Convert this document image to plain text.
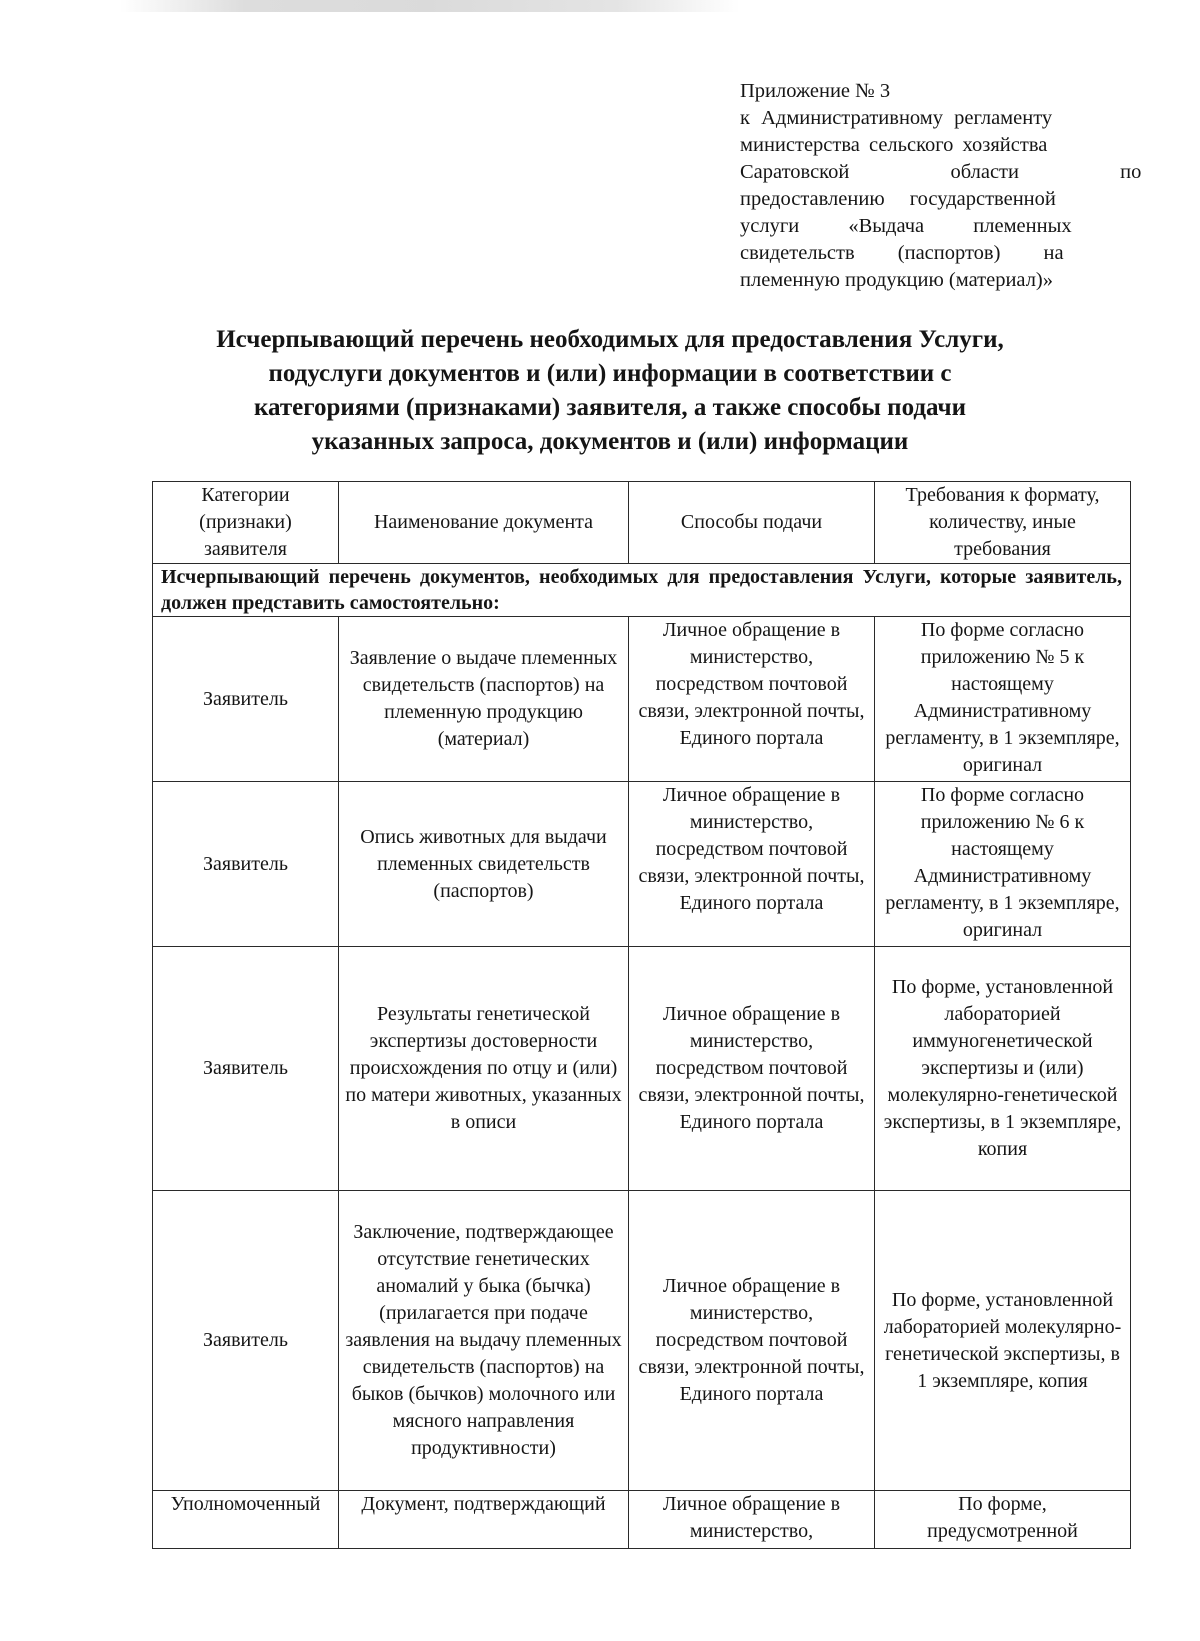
Приложение № 3
к Административному регламенту
министерства сельского хозяйства
Саратовской области по
предоставлению государственной
услуги «Выдача племенных
свидетельств (паспортов) на
племенную продукцию (материал)»
Исчерпывающий перечень необходимых для предоставления Услуги,
подуслуги документов и (или) информации в соответствии с
категориями (признаками) заявителя, а также способы подачи
указанных запроса, документов и (или) информации
Категории (признаки) заявителя	Наименование документа	Способы подачи	Требования к формату, количеству, иные требования
Исчерпывающий перечень документов, необходимых для предоставления Услуги, которые заявитель, должен представить самостоятельно:			
Заявитель	Заявление о выдаче племенных свидетельств (паспортов) на племенную продукцию (материал)	Личное обращение в министерство, посредством почтовой связи, электронной почты, Единого портала	По форме согласно приложению № 5 к настоящему Административному регламенту, в 1 экземпляре, оригинал
Заявитель	Опись животных для выдачи племенных свидетельств (паспортов)	Личное обращение в министерство, посредством почтовой связи, электронной почты, Единого портала	По форме согласно приложению № 6 к настоящему Административному регламенту, в 1 экземпляре, оригинал
Заявитель	Результаты генетической экспертизы достоверности происхождения по отцу и (или) по матери животных, указанных в описи	Личное обращение в министерство, посредством почтовой связи, электронной почты, Единого портала	По форме, установленной лабораторией иммуногенетической экспертизы и (или) молекулярно-генетической экспертизы, в 1 экземпляре, копия
Заявитель	Заключение, подтверждающее отсутствие генетических аномалий у быка (бычка) (прилагается при подаче заявления на выдачу племенных свидетельств (паспортов) на быков (бычков) молочного или мясного направления продуктивности)	Личное обращение в министерство, посредством почтовой связи, электронной почты, Единого портала	По форме, установленной лабораторией молекулярно-генетической экспертизы, в 1 экземпляре, копия
Уполномоченный	Документ, подтверждающий	Личное обращение в министерство,	По форме, предусмотренной
